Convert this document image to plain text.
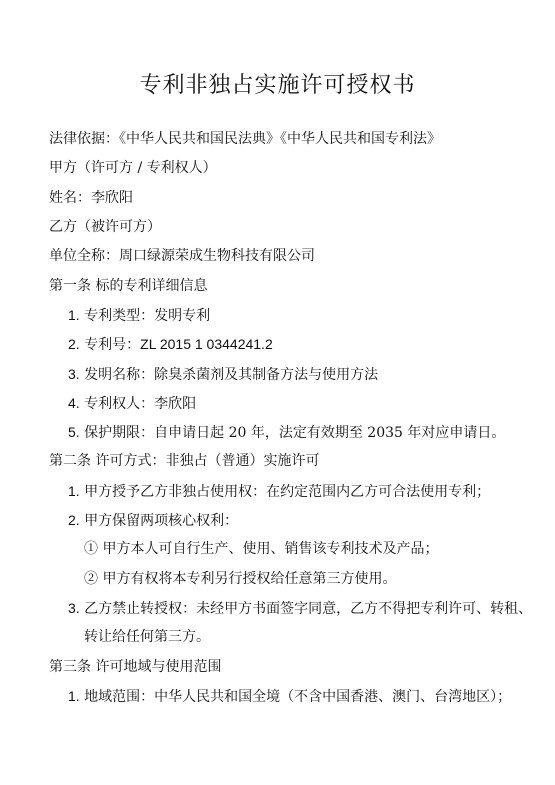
专利非独占实施许可授权书
法律依据：《中华人民共和国民法典》《中华人民共和国专利法》
甲方（许可方 / 专利权人）
姓名：李欣阳
乙方（被许可方）
单位全称：周口绿源荣成生物科技有限公司
第一条 标的专利详细信息
1. 专利类型：发明专利
2. 专利号：ZL 2015 1 0344241.2
3. 发明名称：除臭杀菌剂及其制备方法与使用方法
4. 专利权人：李欣阳
5. 保护期限：自申请日起 20 年，法定有效期至 2035 年对应申请日。
第二条 许可方式：非独占（普通）实施许可
1. 甲方授予乙方非独占使用权：在约定范围内乙方可合法使用专利；
2. 甲方保留两项核心权利：
① 甲方本人可自行生产、使用、销售该专利技术及产品；
② 甲方有权将本专利另行授权给任意第三方使用。
3. 乙方禁止转授权：未经甲方书面签字同意，乙方不得把专利许可、转租、
转让给任何第三方。
第三条 许可地域与使用范围
1. 地域范围：中华人民共和国全境（不含中国香港、澳门、台湾地区）；
